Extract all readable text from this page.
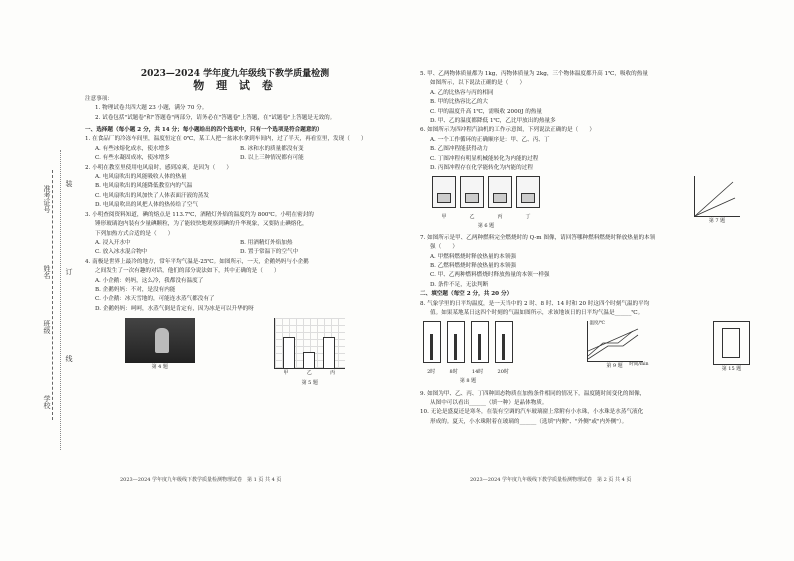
准考证号
姓名
班级
学校
装
订
线
2023—2024 学年度九年级线下教学质量检测
物 理 试 卷
注意事项：
1. 物理试卷共四大题 23 小题，满分 70 分。
2. 试卷包括"试题卷"和"答题卷"两部分，请务必在"答题卷"上答题，在"试题卷"上答题是无效的。
一、选择题（每小题 2 分，共 14 分；每小题给出的四个选项中，只有一个选项是符合题意的）
1. 在食品厂的冷冻车间里，温度恒定在 0℃，某工人把一盆冰水拿到车间内，过了半天，再看室里，发现（　　）
A. 有些冰熔化成水，使水增多	B. 冰和水的质量都没有变
C. 有些水凝固成冰，使冰增多	D. 以上三种情况都有可能
2. 小明在教室里使用电风扇时，感到凉爽，是因为（　　）
A. 电风扇吹出的风能吸收人体的热量
B. 电风扇吹出的风能降低教室内的气温
C. 电风扇吹出的风加快了人体表面汗液的蒸发
D. 电风扇吹出的风把人体的热传给了空气
3. 小明查阅资料知道，碘的熔点是 113.7℃，酒精灯外焰的温度约为 800℃。小明在密封的
锤形玻璃泡内装有少量碘颗粒，为了能较快地观察到碘的升华现象，又要防止碘熔化，
下列加热方式合适的是（　　）
A. 浸入开水中	B. 用酒精灯外焰加热
C. 放入冰水混合物中	D. 置于常温下的空气中
4. 南极是世界上最冷的地方，常年平均气温是-25℃。如图所示，一天，企鹅妈妈与小企鹅
之间发生了一次有趣的对话，他们的部分说法如下，其中正确的是（　　）
A. 小企鹅：妈妈，这么冷，我都没有温度了
B. 企鹅妈妈：不对，是没有内能
C. 小企鹅：冰天雪地的，可能连水蒸气都没有了
D. 企鹅妈妈：呵呵，水蒸气倒是肯定有，因为冰是可以升华的呀
第 4 题
甲	乙	丙
第 5 题
2023—2024 学年度九年级线下教学质量检测物理试卷　第 1 页 共 4 页
5. 甲、乙两物体质量都为 1kg，丙物体质量为 2kg，三个物体温度都升高 1℃，吸收的热量
如图所示，以下说法正确的是（　　）
A. 乙的比热容与丙的相同
B. 甲的比热容比乙的大
C. 甲的温度升高 1℃，需吸收 2000J 的热量
D. 甲、乙的温度都降低 1℃，乙比甲放出的热量多
6. 如图所示为四冲程汽油机的工作示意图，下列说法正确的是（　　）
A. 一个工作循环的正确顺序是：甲、乙、丙、丁
B. 乙图冲程能获得动力
C. 丁图冲程有明显机械能转化为内能的过程
D. 丙图冲程存在化学能转化为内能的过程
甲	乙	丙	丁
第 6 题
第 7 题
7. 如图所示是甲、乙两种燃料完全燃烧时的 Q-m 图像，请回答哪种燃料燃烧时释放热量的本领
强（　　）
A. 甲燃料燃烧时释放热量的本领强
B. 乙燃料燃烧时释放热量的本领强
C. 甲、乙两种燃料燃烧时释放热量的本领一样强
D. 条件不足，无法判断
二、填空题（每空 2 分，共 20 分）
8. 气象学里的日平均温度，是一天当中的 2 时、8 时、14 时和 20 时这四个时刻气温的平均
值。如果某地某日这四个时刻的气温如图所示，求该地该日的日平均气温是______℃。
2时	8时	14时	20时
第 8 题
温度/℃
时间/min
第 9 题	第 15 题
9. 如图为甲、乙、丙、丁四种固态物质在加热条件相同的情况下，温度随时间变化的图像，
从图中可以看出______（填一种）是晶体物质。
10. 无论是盛夏还是寒冬，在装有空调的汽车玻璃窗上常附有小水珠，小水珠是水蒸气液化
形成的。夏天，小水珠附着在玻璃的______（选填"内侧"、"外侧"或"内外侧"）。
2023—2024 学年度九年级线下教学质量检测物理试卷　第 2 页 共 4 页
